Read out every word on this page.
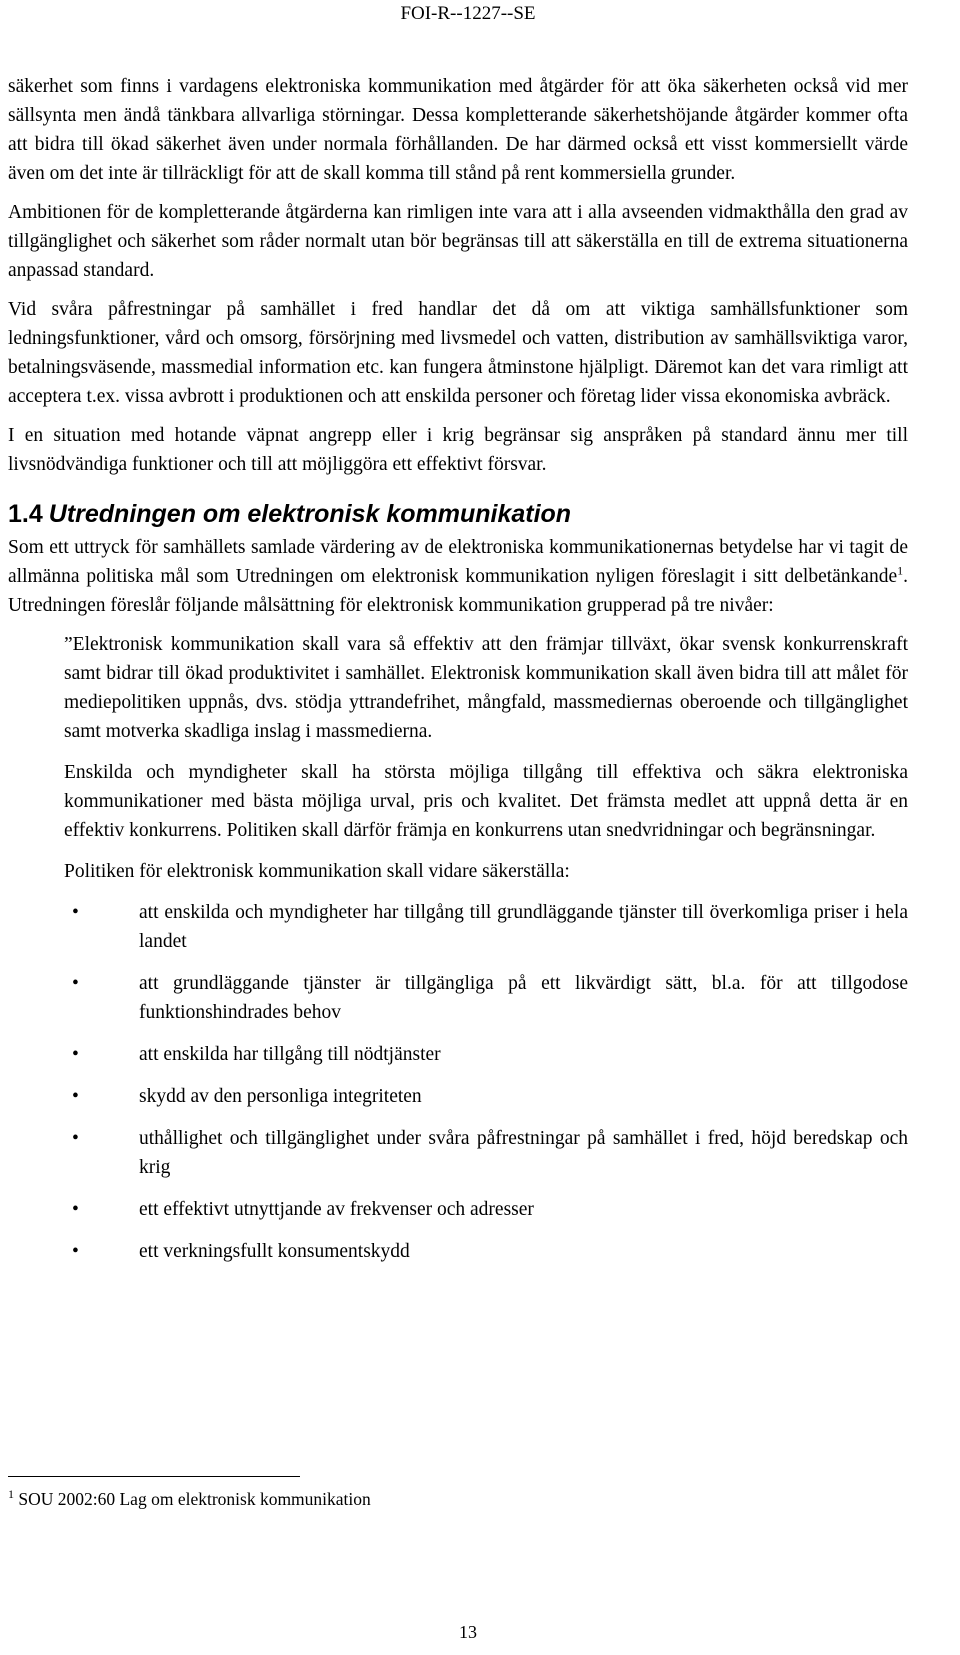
FOI-R--1227--SE

säkerhet som finns i vardagens elektroniska kommunikation med åtgärder för att öka säkerheten också vid mer sällsynta men ändå tänkbara allvarliga störningar. Dessa kompletterande säkerhetshöjande åtgärder kommer ofta att bidra till ökad säkerhet även under normala förhållanden. De har därmed också ett visst kommersiellt värde även om det inte är tillräckligt för att de skall komma till stånd på rent kommersiella grunder.

Ambitionen för de kompletterande åtgärderna kan rimligen inte vara att i alla avseenden vidmakthålla den grad av tillgänglighet och säkerhet som råder normalt utan bör begränsas till att säkerställa en till de extrema situationerna anpassad standard.

Vid svåra påfrestningar på samhället i fred handlar det då om att viktiga samhällsfunktioner som ledningsfunktioner, vård och omsorg, försörjning med livsmedel och vatten, distribution av samhällsviktiga varor, betalningsväsende, massmedial information etc. kan fungera åtminstone hjälpligt. Däremot kan det vara rimligt att acceptera t.ex. vissa avbrott i produktionen och att enskilda personer och företag lider vissa ekonomiska avbräck.

I en situation med hotande väpnat angrepp eller i krig begränsar sig anspråken på standard ännu mer till livsnödvändiga funktioner och till att möjliggöra ett effektivt försvar.

1.4 Utredningen om elektronisk kommunikation

Som ett uttryck för samhällets samlade värdering av de elektroniska kommunikationernas betydelse har vi tagit de allmänna politiska mål som Utredningen om elektronisk kommunikation nyligen föreslagit i sitt delbetänkande$^1$. Utredningen föreslår följande målsättning för elektronisk kommunikation grupperad på tre nivåer:

”Elektronisk kommunikation skall vara så effektiv att den främjar tillväxt, ökar svensk konkurrenskraft samt bidrar till ökad produktivitet i samhället. Elektronisk kommunikation skall även bidra till att målet för mediepolitiken uppnås, dvs. stödja yttrandefrihet, mångfald, massmediernas oberoende och tillgänglighet samt motverka skadliga inslag i massmedierna.

Enskilda och myndigheter skall ha största möjliga tillgång till effektiva och säkra elektroniska kommunikationer med bästa möjliga urval, pris och kvalitet. Det främsta medlet att uppnå detta är en effektiv konkurrens. Politiken skall därför främja en konkurrens utan snedvridningar och begränsningar.

Politiken för elektronisk kommunikation skall vidare säkerställa:

•	att enskilda och myndigheter har tillgång till grundläggande tjänster till överkomliga priser i hela landet
•	att grundläggande tjänster är tillgängliga på ett likvärdigt sätt, bl.a. för att tillgodose funktionshindrades behov
•	att enskilda har tillgång till nödtjänster
•	skydd av den personliga integriteten
•	uthållighet och tillgänglighet under svåra påfrestningar på samhället i fred, höjd beredskap och krig
•	ett effektivt utnyttjande av frekvenser och adresser
•	ett verkningsfullt konsumentskydd
$^1$ SOU 2002:60 Lag om elektronisk kommunikation
13
